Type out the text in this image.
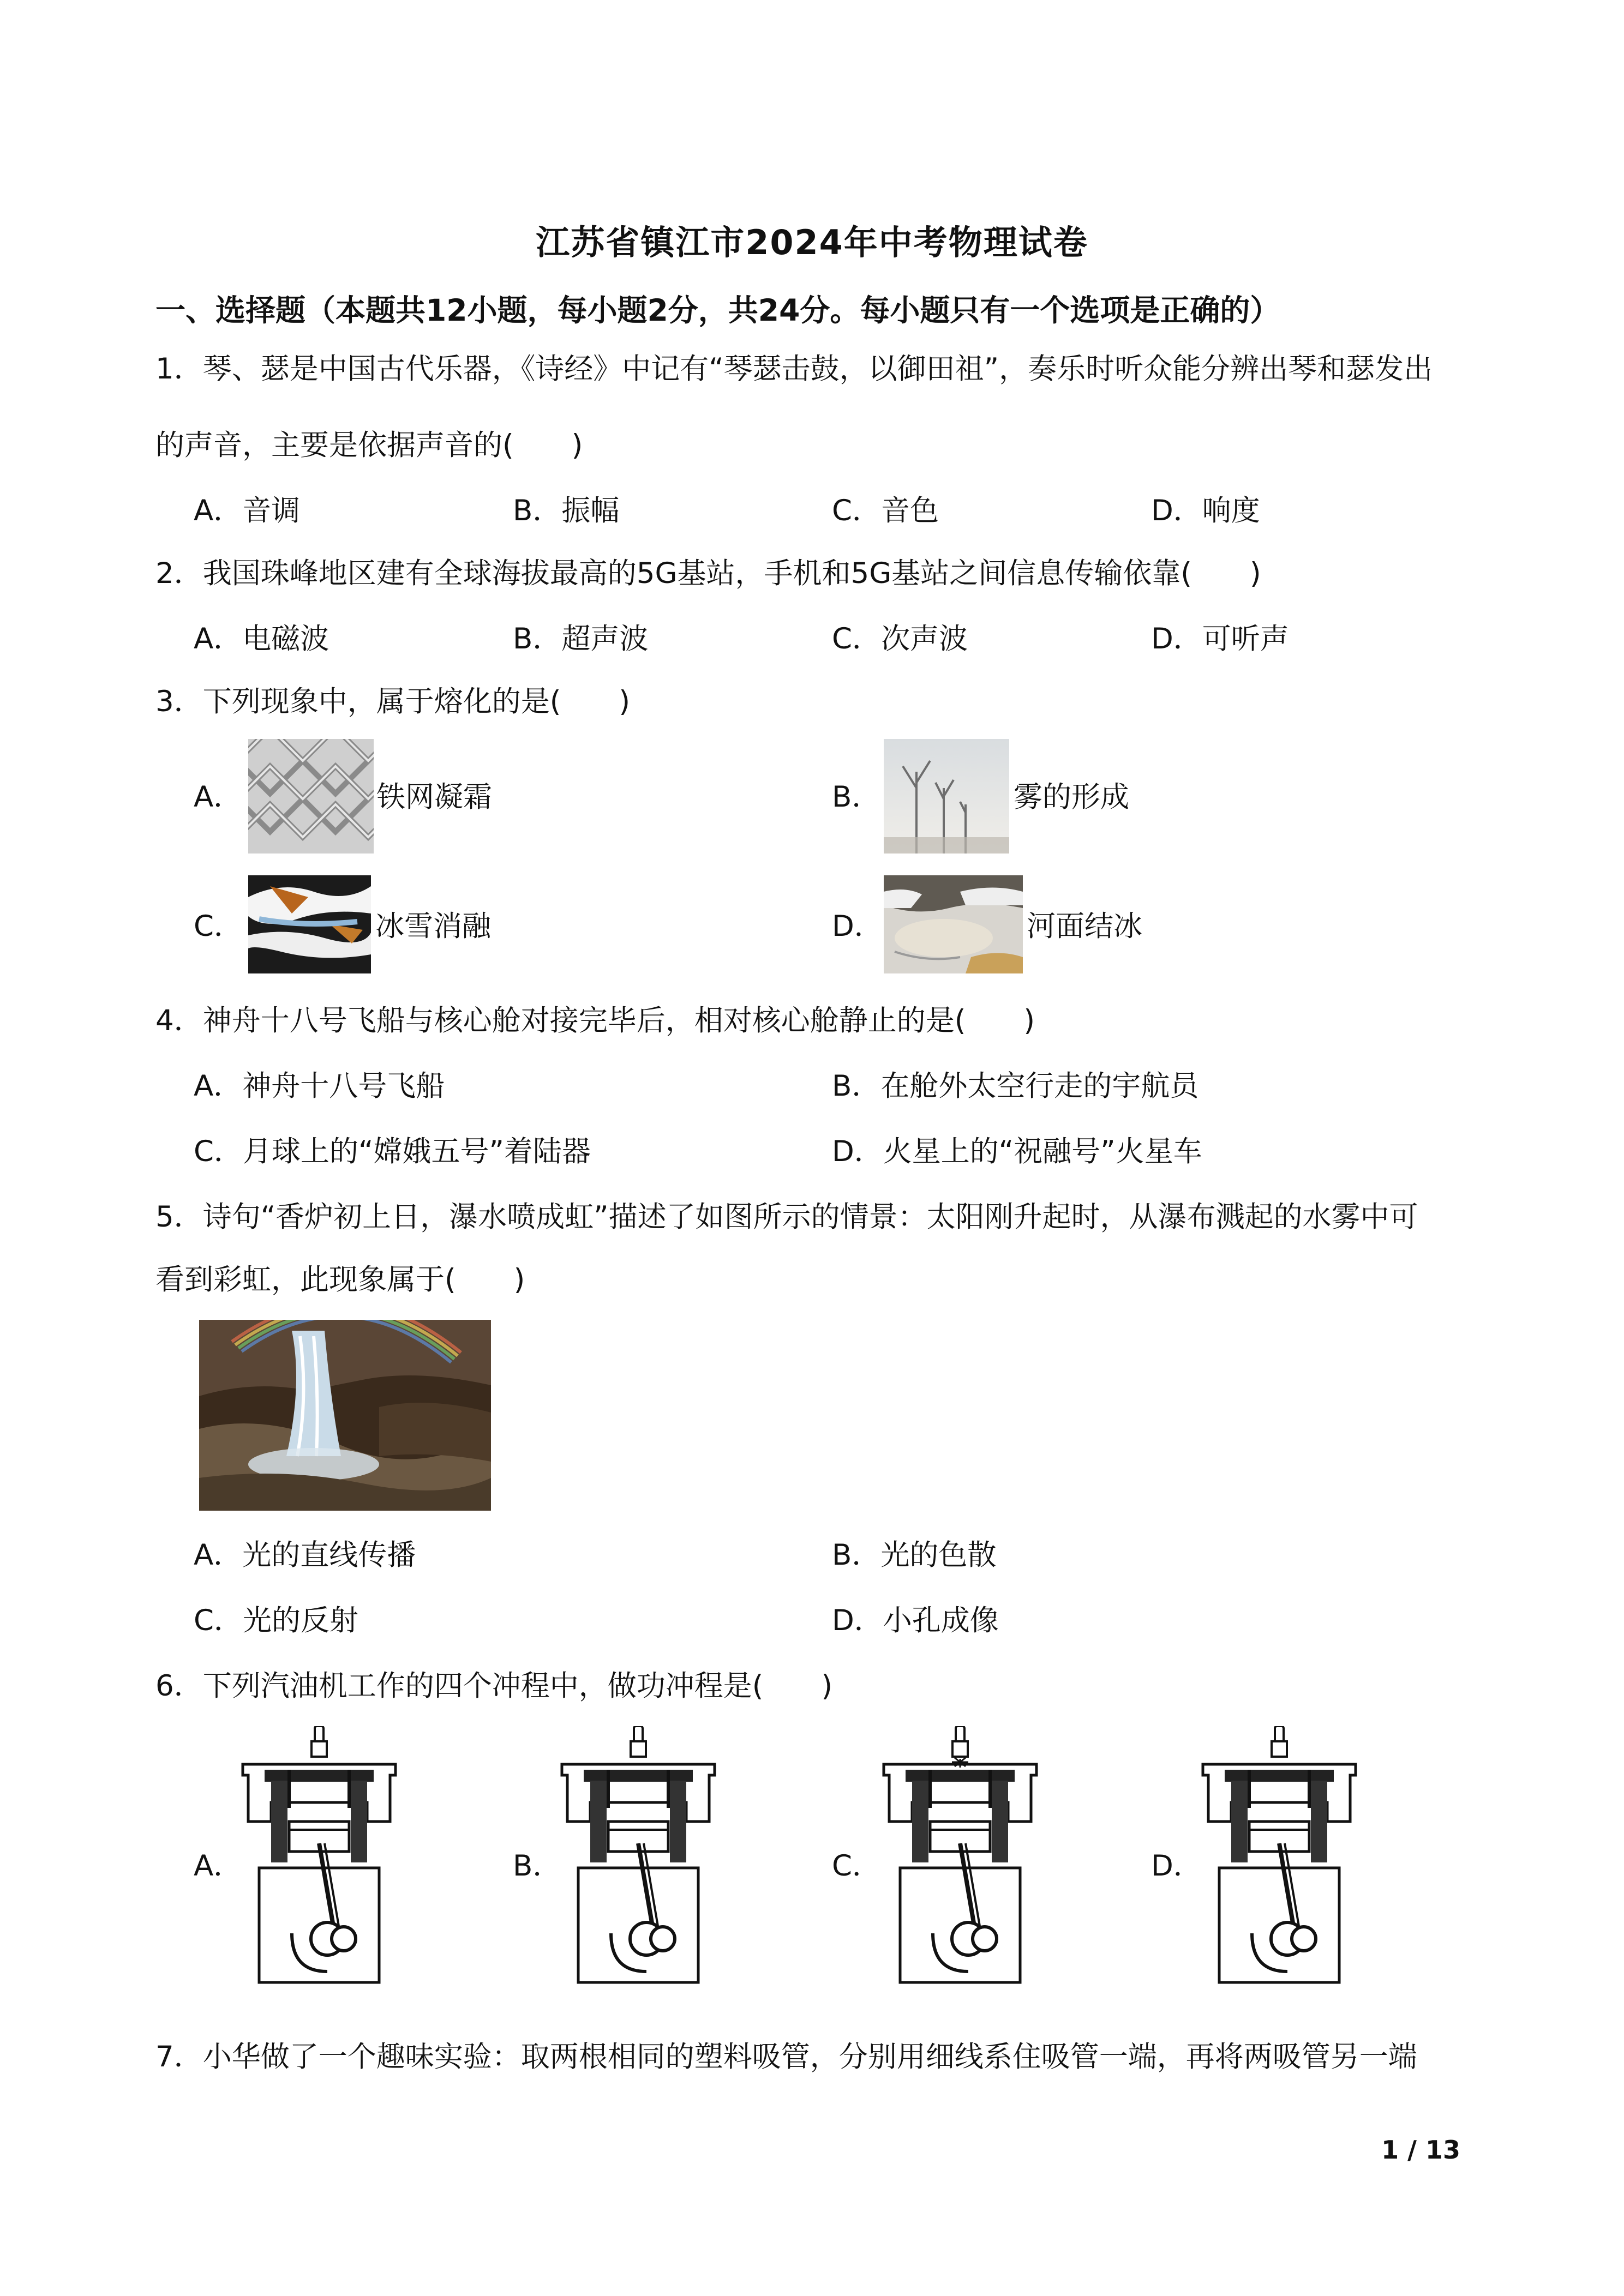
江苏省镇江市2024年中考物理试卷
一、选择题（本题共12小题，每小题2分，共24分。每小题只有一个选项是正确的）
1．琴、瑟是中国古代乐器，《诗经》中记有“琴瑟击鼓，以御田祖”，奏乐时听众能分辨出琴和瑟发出
的声音，主要是依据声音的(　　)
A．音调	B．振幅	C．音色	D．响度
2．我国珠峰地区建有全球海拔最高的5G基站，手机和5G基站之间信息传输依靠(　　)
A．电磁波	B．超声波	C．次声波	D．可听声
3．下列现象中，属于熔化的是(　　)
A．	铁网凝霜	B．	雾的形成
C．	冰雪消融	D．	河面结冰
4．神舟十八号飞船与核心舱对接完毕后，相对核心舱静止的是(　　)
A．神舟十八号飞船	B．在舱外太空行走的宇航员
C．月球上的“嫦娥五号”着陆器	D．火星上的“祝融号”火星车
5．诗句“香炉初上日，瀑水喷成虹”描述了如图所示的情景：太阳刚升起时，从瀑布溅起的水雾中可
看到彩虹，此现象属于(　　)
A．光的直线传播	B．光的色散
C．光的反射	D．小孔成像
6．下列汽油机工作的四个冲程中，做功冲程是(　　)
A．	B．	C．	D．
7．小华做了一个趣味实验：取两根相同的塑料吸管，分别用细线系住吸管一端，再将两吸管另一端
1 / 13
